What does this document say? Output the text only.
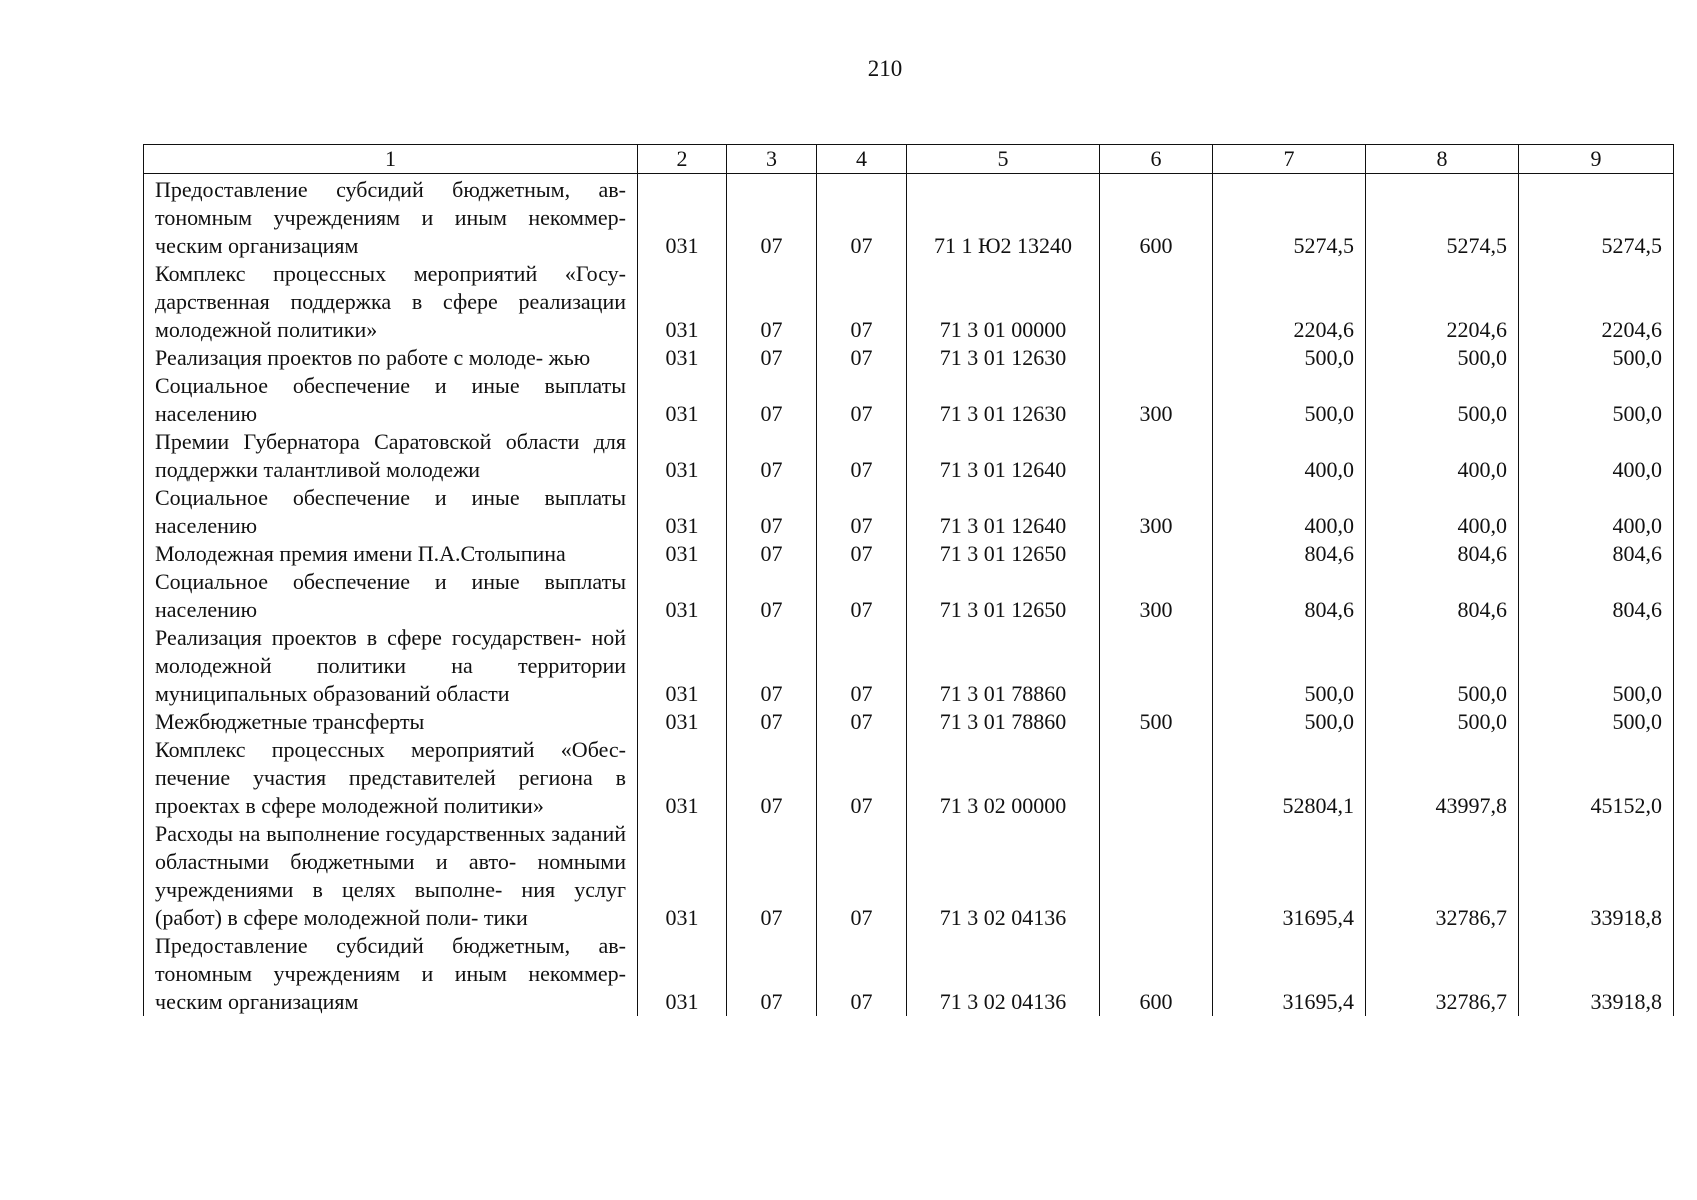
210
1	2	3	4	5	6	7	8	9
Предоставление субсидий бюджетным, ав- тономным учреждениям и иным некоммер- ческим организациям	031	07	07	71 1 Ю2 13240	600	5274,5	5274,5	5274,5
Комплекс процессных мероприятий «Госу- дарственная поддержка в сфере реализации молодежной политики»	031	07	07	71 3 01 00000		2204,6	2204,6	2204,6
Реализация проектов по работе с молоде- жью	031	07	07	71 3 01 12630		500,0	500,0	500,0
Социальное обеспечение и иные выплаты населению	031	07	07	71 3 01 12630	300	500,0	500,0	500,0
Премии Губернатора Саратовской области для поддержки талантливой молодежи	031	07	07	71 3 01 12640		400,0	400,0	400,0
Социальное обеспечение и иные выплаты населению	031	07	07	71 3 01 12640	300	400,0	400,0	400,0
Молодежная премия имени П.А.Столыпина	031	07	07	71 3 01 12650		804,6	804,6	804,6
Социальное обеспечение и иные выплаты населению	031	07	07	71 3 01 12650	300	804,6	804,6	804,6
Реализация проектов в сфере государствен- ной молодежной политики на территории муниципальных образований области	031	07	07	71 3 01 78860		500,0	500,0	500,0
Межбюджетные трансферты	031	07	07	71 3 01 78860	500	500,0	500,0	500,0
Комплекс процессных мероприятий «Обес- печение участия представителей региона в проектах в сфере молодежной политики»	031	07	07	71 3 02 00000		52804,1	43997,8	45152,0
Расходы на выполнение государственных заданий областными бюджетными и авто- номными учреждениями в целях выполне- ния услуг (работ) в сфере молодежной поли- тики	031	07	07	71 3 02 04136		31695,4	32786,7	33918,8
Предоставление субсидий бюджетным, ав- тономным учреждениям и иным некоммер- ческим организациям	031	07	07	71 3 02 04136	600	31695,4	32786,7	33918,8
